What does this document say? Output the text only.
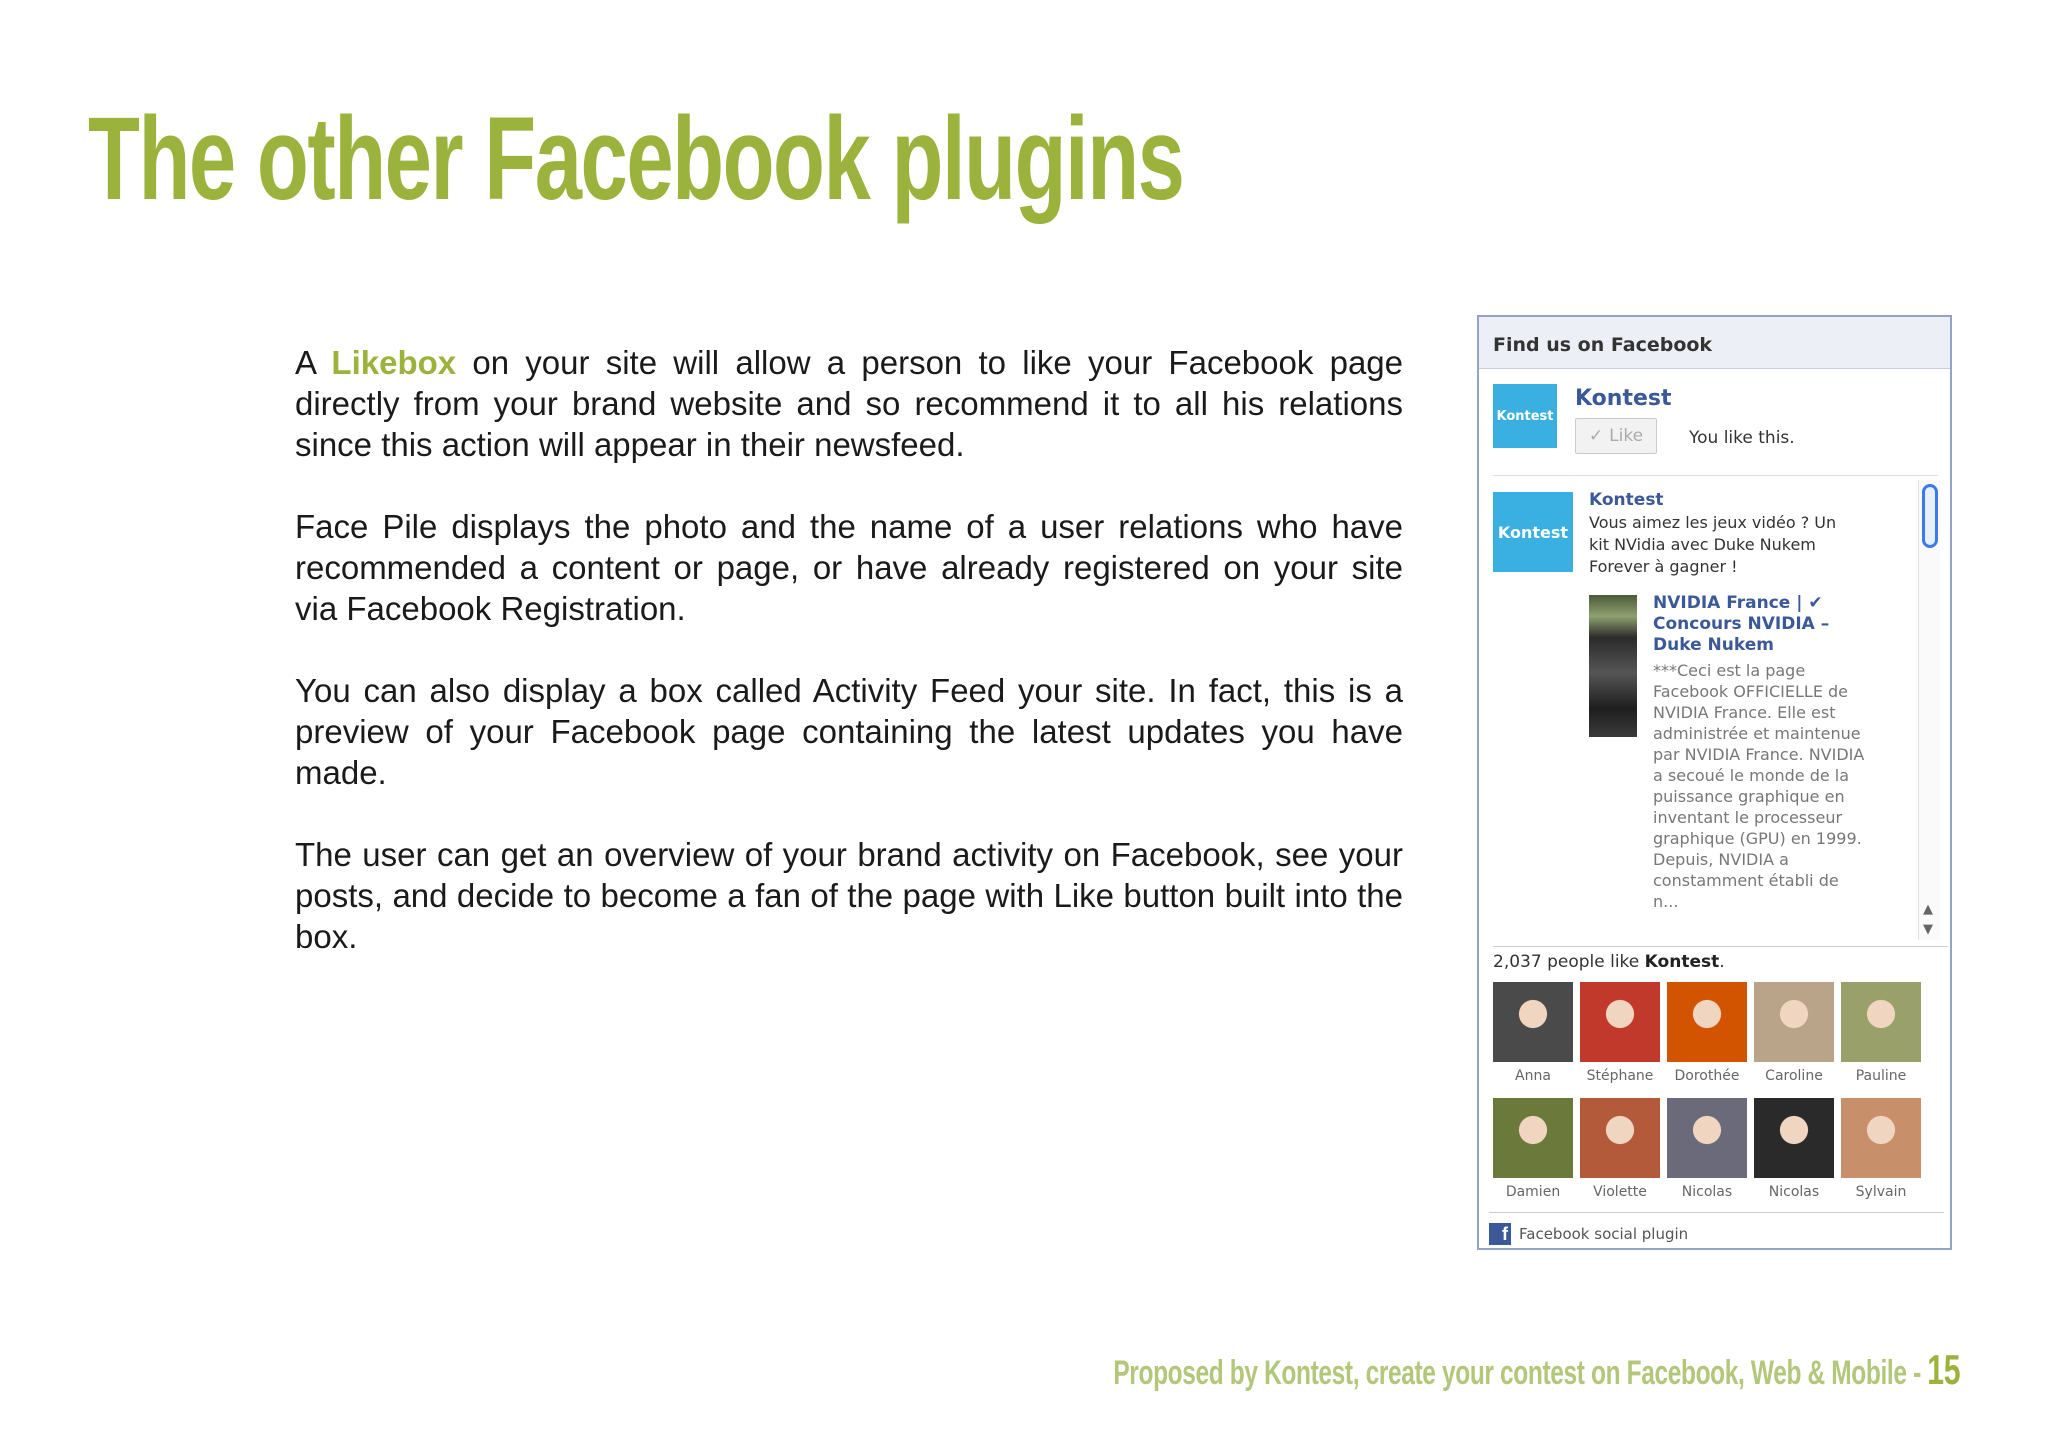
The other Facebook plugins

A Likebox on your site will allow a person to like your Facebook page directly from your brand website and so recommend it to all his relations since this action will appear in their newsfeed.

Face Pile displays the photo and the name of a user relations who have recommended a content or page, or have already registered on your site via Facebook Registration.

You can also display a box called Activity Feed your site. In fact, this is a preview of your Facebook page containing the latest updates you have made.

The user can get an overview of your brand activity on Facebook, see your posts, and decide to become a fan of the page with Like button built into the box.

Find us on Facebook
Kontest
Kontest
✓ Like	You like this.
Kontest
Kontest
Vous aimez les jeux vidéo ? Un kit NVidia avec Duke Nukem Forever à gagner !
NVIDIA France | ✔ Concours NVIDIA – Duke Nukem
***Ceci est la page Facebook OFFICIELLE de NVIDIA France. Elle est administrée et maintenue par NVIDIA France. NVIDIA a secoué le monde de la puissance graphique en inventant le processeur graphique (GPU) en 1999. Depuis, NVIDIA a constamment établi de n...	▲
▼
2,037 people like Kontest.
Anna	Stéphane	Dorothée	Caroline	Pauline
Damien	Violette	Nicolas	Nicolas	Sylvain
f Facebook social plugin
Proposed by Kontest, create your contest on Facebook, Web & Mobile - 15
